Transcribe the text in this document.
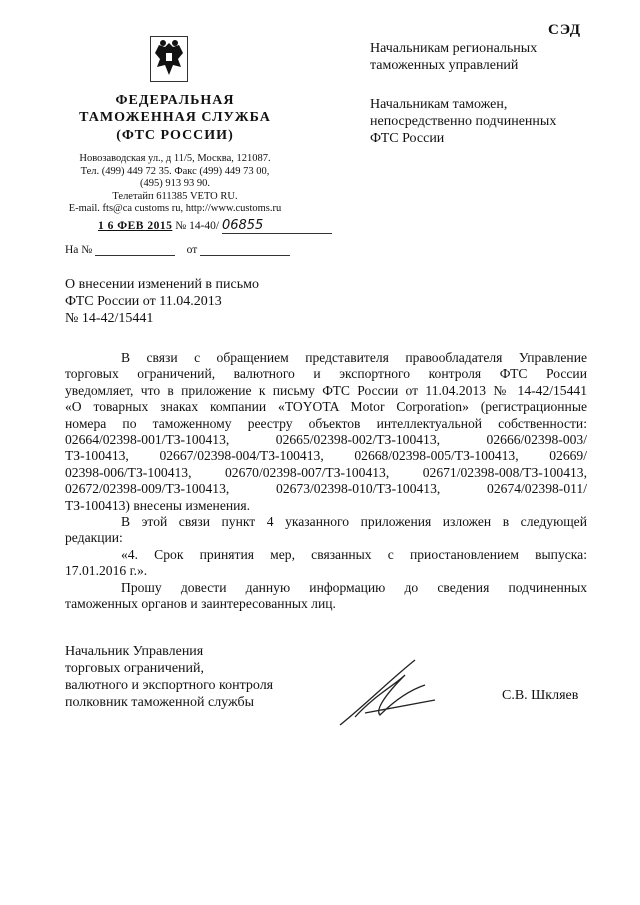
СЭД
ФЕДЕРАЛЬНАЯ
ТАМОЖЕННАЯ СЛУЖБА
(ФТС РОССИИ)
Новозаводская ул., д 11/5, Москва, 121087.
Тел. (499) 449 72 35. Факс (499) 449 73 00,
(495) 913 93 90.
Телетайп 611385 VETO RU.
E-mail. fts@ca customs ru, http://www.customs.ru
1 6 ФЕВ 2015 № 14-40/ 06855
На №	от
Начальникам региональных
таможенных управлений
Начальникам таможен,
непосредственно подчиненных
ФТС России
О внесении изменений в письмо
ФТС России от 11.04.2013
№ 14-42/15441
В связи с обращением представителя правообладателя Управление
торговых ограничений, валютного и экспортного контроля ФТС России
уведомляет, что в приложение к письму ФТС России от 11.04.2013 № 14-42/15441
«О товарных знаках компании «TOYOTA Motor Corporation» (регистрационные
номера по таможенному реестру объектов интеллектуальной собственности:
02664/02398-001/ТЗ-100413, 02665/02398-002/ТЗ-100413, 02666/02398-003/
ТЗ-100413, 02667/02398-004/ТЗ-100413, 02668/02398-005/ТЗ-100413, 02669/
02398-006/ТЗ-100413, 02670/02398-007/ТЗ-100413, 02671/02398-008/ТЗ-100413,
02672/02398-009/ТЗ-100413, 02673/02398-010/ТЗ-100413, 02674/02398-011/
ТЗ-100413) внесены изменения.
В этой связи пункт 4 указанного приложения изложен в следующей
редакции:
«4. Срок принятия мер, связанных с приостановлением выпуска:
17.01.2016 г.».
Прошу довести данную информацию до сведения подчиненных
таможенных органов и заинтересованных лиц.
Начальник Управления
торговых ограничений,
валютного и экспортного контроля
полковник таможенной службы	С.В. Шкляев
